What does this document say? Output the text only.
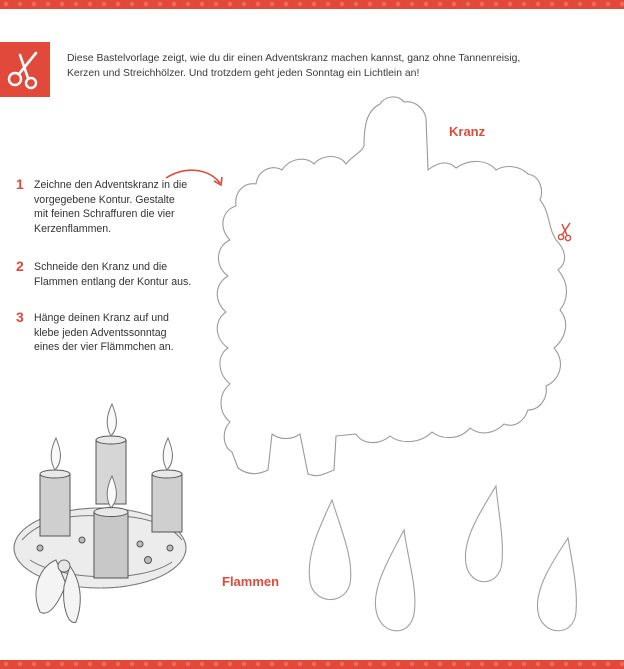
Diese Bastelvorlage zeigt, wie du dir einen Adventskranz machen kannst, ganz ohne Tannenreisig,
Kerzen und Streichhölzer. Und trotzdem geht jeden Sonntag ein Lichtlein an!
1 Zeichne den Adventskranz in die
vorgegebene Kontur. Gestalte
mit feinen Schraffuren die vier
Kerzenflammen.
2 Schneide den Kranz und die
Flammen entlang der Kontur aus.
3 Hänge deinen Kranz auf und
klebe jeden Adventssonntag
eines der vier Flämmchen an.
Kranz
Flammen
